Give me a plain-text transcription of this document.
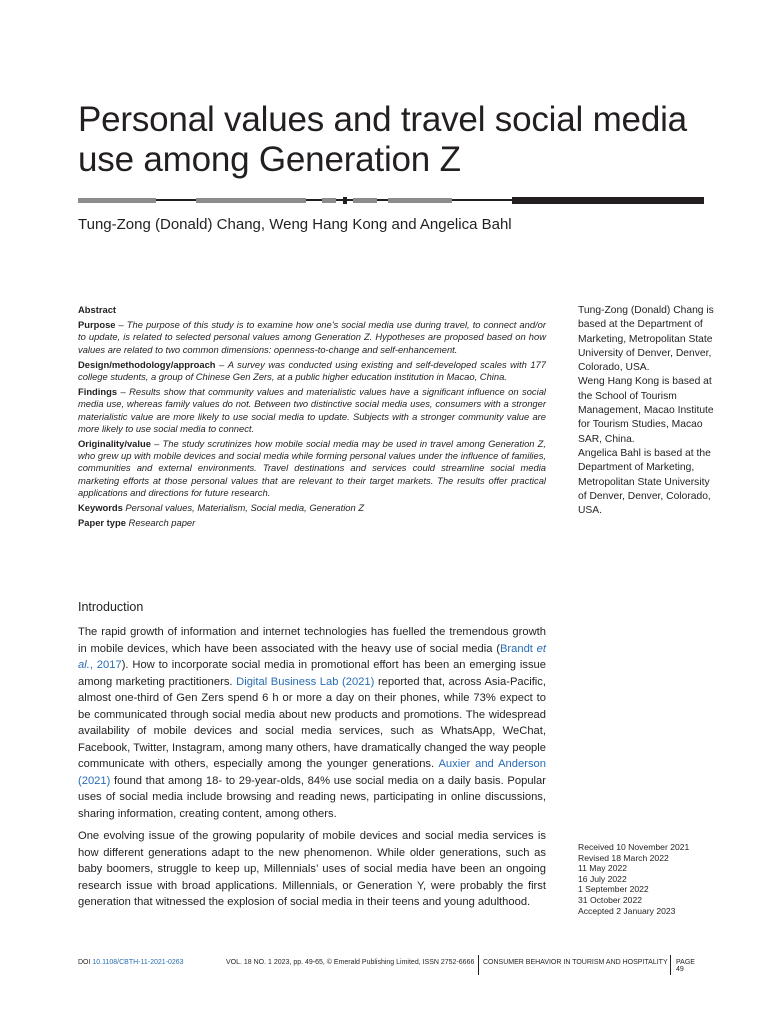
Personal values and travel social media use among Generation Z
Tung-Zong (Donald) Chang, Weng Hang Kong and Angelica Bahl

Abstract

Purpose – The purpose of this study is to examine how one’s social media use during travel, to connect and/or to update, is related to selected personal values among Generation Z. Hypotheses are proposed based on how values are related to two common dimensions: openness-to-change and self-enhancement.

Design/methodology/approach – A survey was conducted using existing and self-developed scales with 177 college students, a group of Chinese Gen Zers, at a public higher education institution in Macao, China.

Findings – Results show that community values and materialistic values have a significant influence on social media use, whereas family values do not. Between two distinctive social media uses, consumers with a stronger materialistic value are more likely to use social media to update. Subjects with a stronger community value are more likely to use social media to connect.

Originality/value – The study scrutinizes how mobile social media may be used in travel among Generation Z, who grew up with mobile devices and social media while forming personal values under the influence of families, communities and external environments. Travel destinations and services could streamline social media marketing efforts at those personal values that are relevant to their target markets. The results offer practical applications and directions for future research.

Keywords Personal values, Materialism, Social media, Generation Z

Paper type Research paper

Tung-Zong (Donald) Chang is based at the Department of Marketing, Metropolitan State University of Denver, Denver, Colorado, USA.
Weng Hang Kong is based at the School of Tourism Management, Macao Institute for Tourism Studies, Macao SAR, China.
Angelica Bahl is based at the Department of Marketing, Metropolitan State University of Denver, Denver, Colorado, USA.
Introduction

The rapid growth of information and internet technologies has fuelled the tremendous growth in mobile devices, which have been associated with the heavy use of social media (Brandt et al., 2017). How to incorporate social media in promotional effort has been an emerging issue among marketing practitioners. Digital Business Lab (2021) reported that, across Asia-Pacific, almost one-third of Gen Zers spend 6 h or more a day on their phones, while 73% expect to be communicated through social media about new products and promotions. The widespread availability of mobile devices and social media services, such as WhatsApp, WeChat, Facebook, Twitter, Instagram, among many others, have dramatically changed the way people communicate with others, especially among the younger generations. Auxier and Anderson (2021) found that among 18- to 29-year-olds, 84% use social media on a daily basis. Popular uses of social media include browsing and reading news, participating in online discussions, sharing information, creating content, among others.

One evolving issue of the growing popularity of mobile devices and social media services is how different generations adapt to the new phenomenon. While older generations, such as baby boomers, struggle to keep up, Millennials’ uses of social media have been an ongoing research issue with broad applications. Millennials, or Generation Y, were probably the first generation that witnessed the explosion of social media in their teens and young adulthood.

Received 10 November 2021
Revised 18 March 2022
11 May 2022
16 July 2022
1 September 2022
31 October 2022
Accepted 2 January 2023
DOI 10.1108/CBTH-11-2021-0263	VOL. 18 NO. 1 2023, pp. 49-65, © Emerald Publishing Limited, ISSN 2752-6666 CONSUMER BEHAVIOR IN TOURISM AND HOSPITALITY PAGE 49
